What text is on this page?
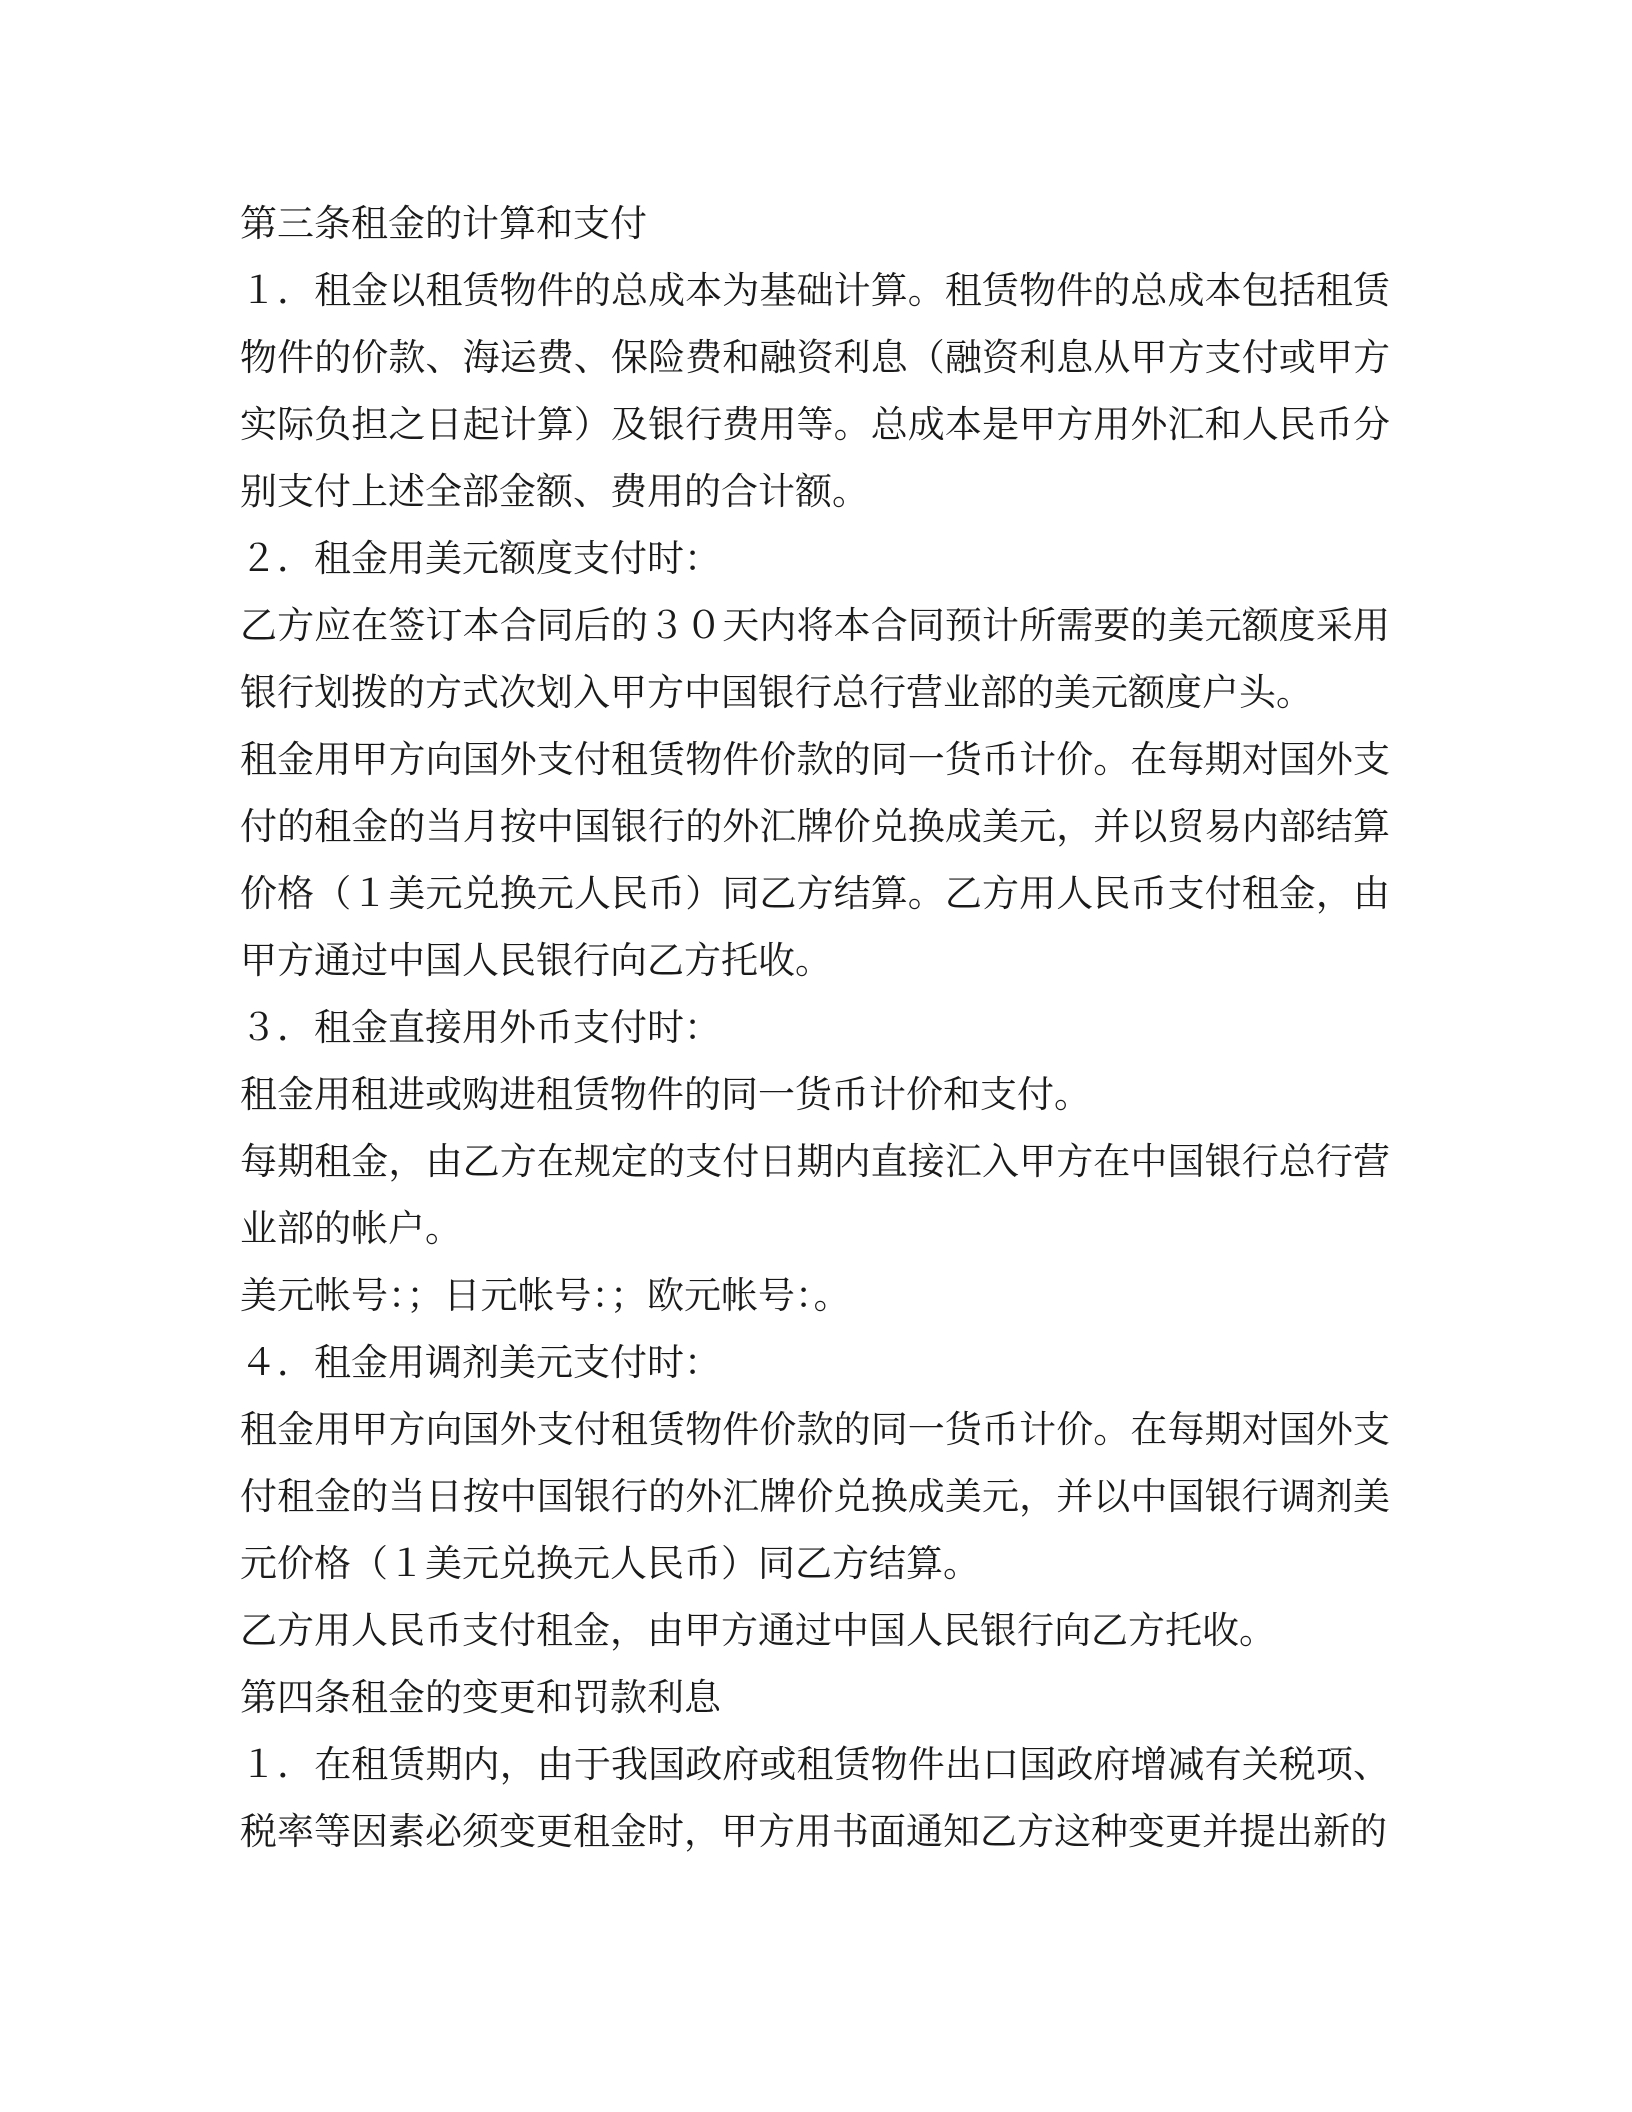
第三条租金的计算和支付

１．租金以租赁物件的总成本为基础计算。租赁物件的总成本包括租赁物件的价款、海运费、保险费和融资利息（融资利息从甲方支付或甲方实际负担之日起计算）及银行费用等。总成本是甲方用外汇和人民币分别支付上述全部金额、费用的合计额。

２．租金用美元额度支付时：

乙方应在签订本合同后的３０天内将本合同预计所需要的美元额度采用银行划拨的方式次划入甲方中国银行总行营业部的美元额度户头。

租金用甲方向国外支付租赁物件价款的同一货币计价。在每期对国外支付的租金的当月按中国银行的外汇牌价兑换成美元，并以贸易内部结算价格（１美元兑换元人民币）同乙方结算。乙方用人民币支付租金，由甲方通过中国人民银行向乙方托收。

３．租金直接用外币支付时：

租金用租进或购进租赁物件的同一货币计价和支付。

每期租金，由乙方在规定的支付日期内直接汇入甲方在中国银行总行营业部的帐户。

美元帐号：；日元帐号：；欧元帐号：。

４．租金用调剂美元支付时：

租金用甲方向国外支付租赁物件价款的同一货币计价。在每期对国外支付租金的当日按中国银行的外汇牌价兑换成美元，并以中国银行调剂美元价格（１美元兑换元人民币）同乙方结算。

乙方用人民币支付租金，由甲方通过中国人民银行向乙方托收。

第四条租金的变更和罚款利息

１．在租赁期内，由于我国政府或租赁物件出口国政府增减有关税项、税率等因素必须变更租金时，甲方用书面通知乙方这种变更并提出新的
